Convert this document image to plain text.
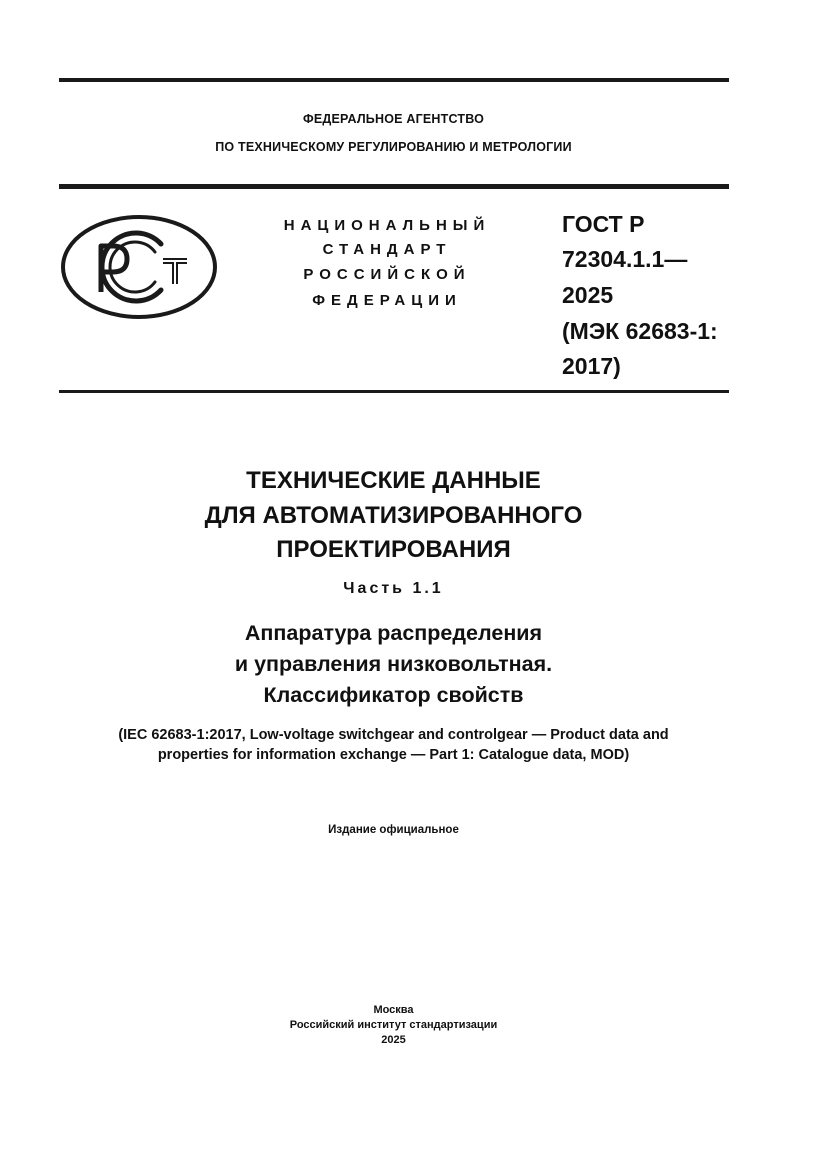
ФЕДЕРАЛЬНОЕ АГЕНТСТВО
ПО ТЕХНИЧЕСКОМУ РЕГУЛИРОВАНИЮ И МЕТРОЛОГИИ
НАЦИОНАЛЬНЫЙ
СТАНДАРТ
РОССИЙСКОЙ
ФЕДЕРАЦИИ
ГОСТ Р
72304.1.1—
2025
(МЭК 62683-1:
2017)
ТЕХНИЧЕСКИЕ ДАННЫЕ
ДЛЯ АВТОМАТИЗИРОВАННОГО
ПРОЕКТИРОВАНИЯ
Часть 1.1
Аппаратура распределения
и управления низковольтная.
Классификатор свойств
(IEC 62683-1:2017, Low-voltage switchgear and controlgear — Product data and
properties for information exchange — Part 1: Catalogue data, MOD)
Издание официальное
Москва
Российский институт стандартизации
2025
